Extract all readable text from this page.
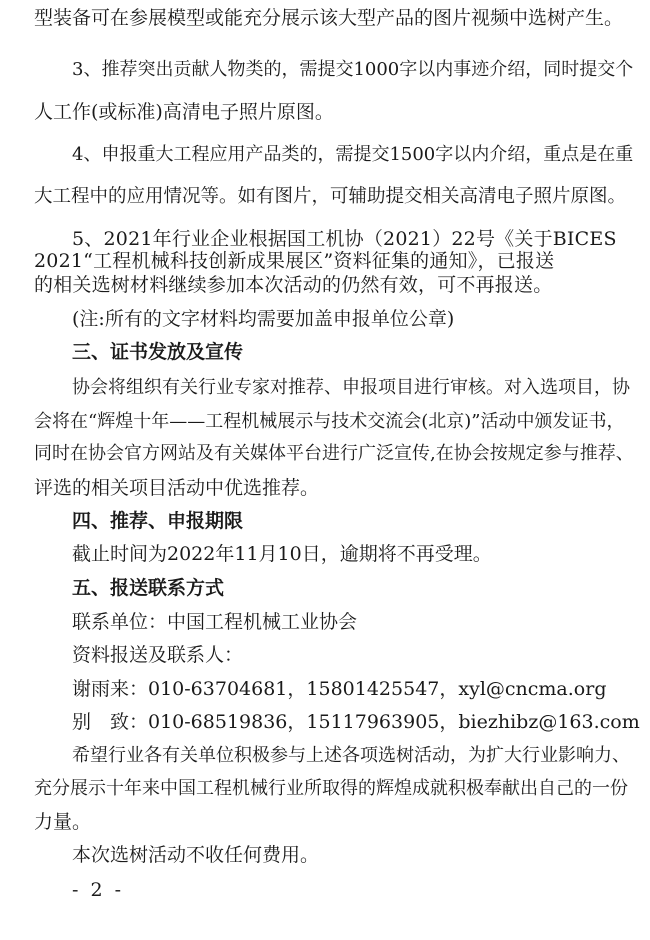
型装备可在参展模型或能充分展示该大型产品的图片视频中选树产生。
3、推荐突出贡献人物类的，需提交1000字以内事迹介绍，同时提交个
人工作(或标准)高清电子照片原图。
4、申报重大工程应用产品类的，需提交1500字以内介绍，重点是在重
大工程中的应用情况等。如有图片，可辅助提交相关高清电子照片原图。
5、2021年行业企业根据国工机协（2021）22号《关于BICES
2021“工程机械科技创新成果展区”资料征集的通知》，已报送
的相关选树材料继续参加本次活动的仍然有效，可不再报送。
(注:所有的文字材料均需要加盖申报单位公章)
三、证书发放及宣传
协会将组织有关行业专家对推荐、申报项目进行审核。对入选项目，协
会将在“辉煌十年——工程机械展示与技术交流会(北京)”活动中颁发证书，
同时在协会官方网站及有关媒体平台进行广泛宣传,在协会按规定参与推荐、
评选的相关项目活动中优选推荐。
四、推荐、申报期限
截止时间为2022年11月10日，逾期将不再受理。
五、报送联系方式
联系单位：中国工程机械工业协会
资料报送及联系人：
谢雨来：010-63704681，15801425547，xyl@cncma.org
别　致：010-68519836，15117963905，biezhibz@163.com
希望行业各有关单位积极参与上述各项选树活动，为扩大行业影响力、
充分展示十年来中国工程机械行业所取得的辉煌成就积极奉献出自己的一份
力量。
本次选树活动不收任何费用。
- 2 -
